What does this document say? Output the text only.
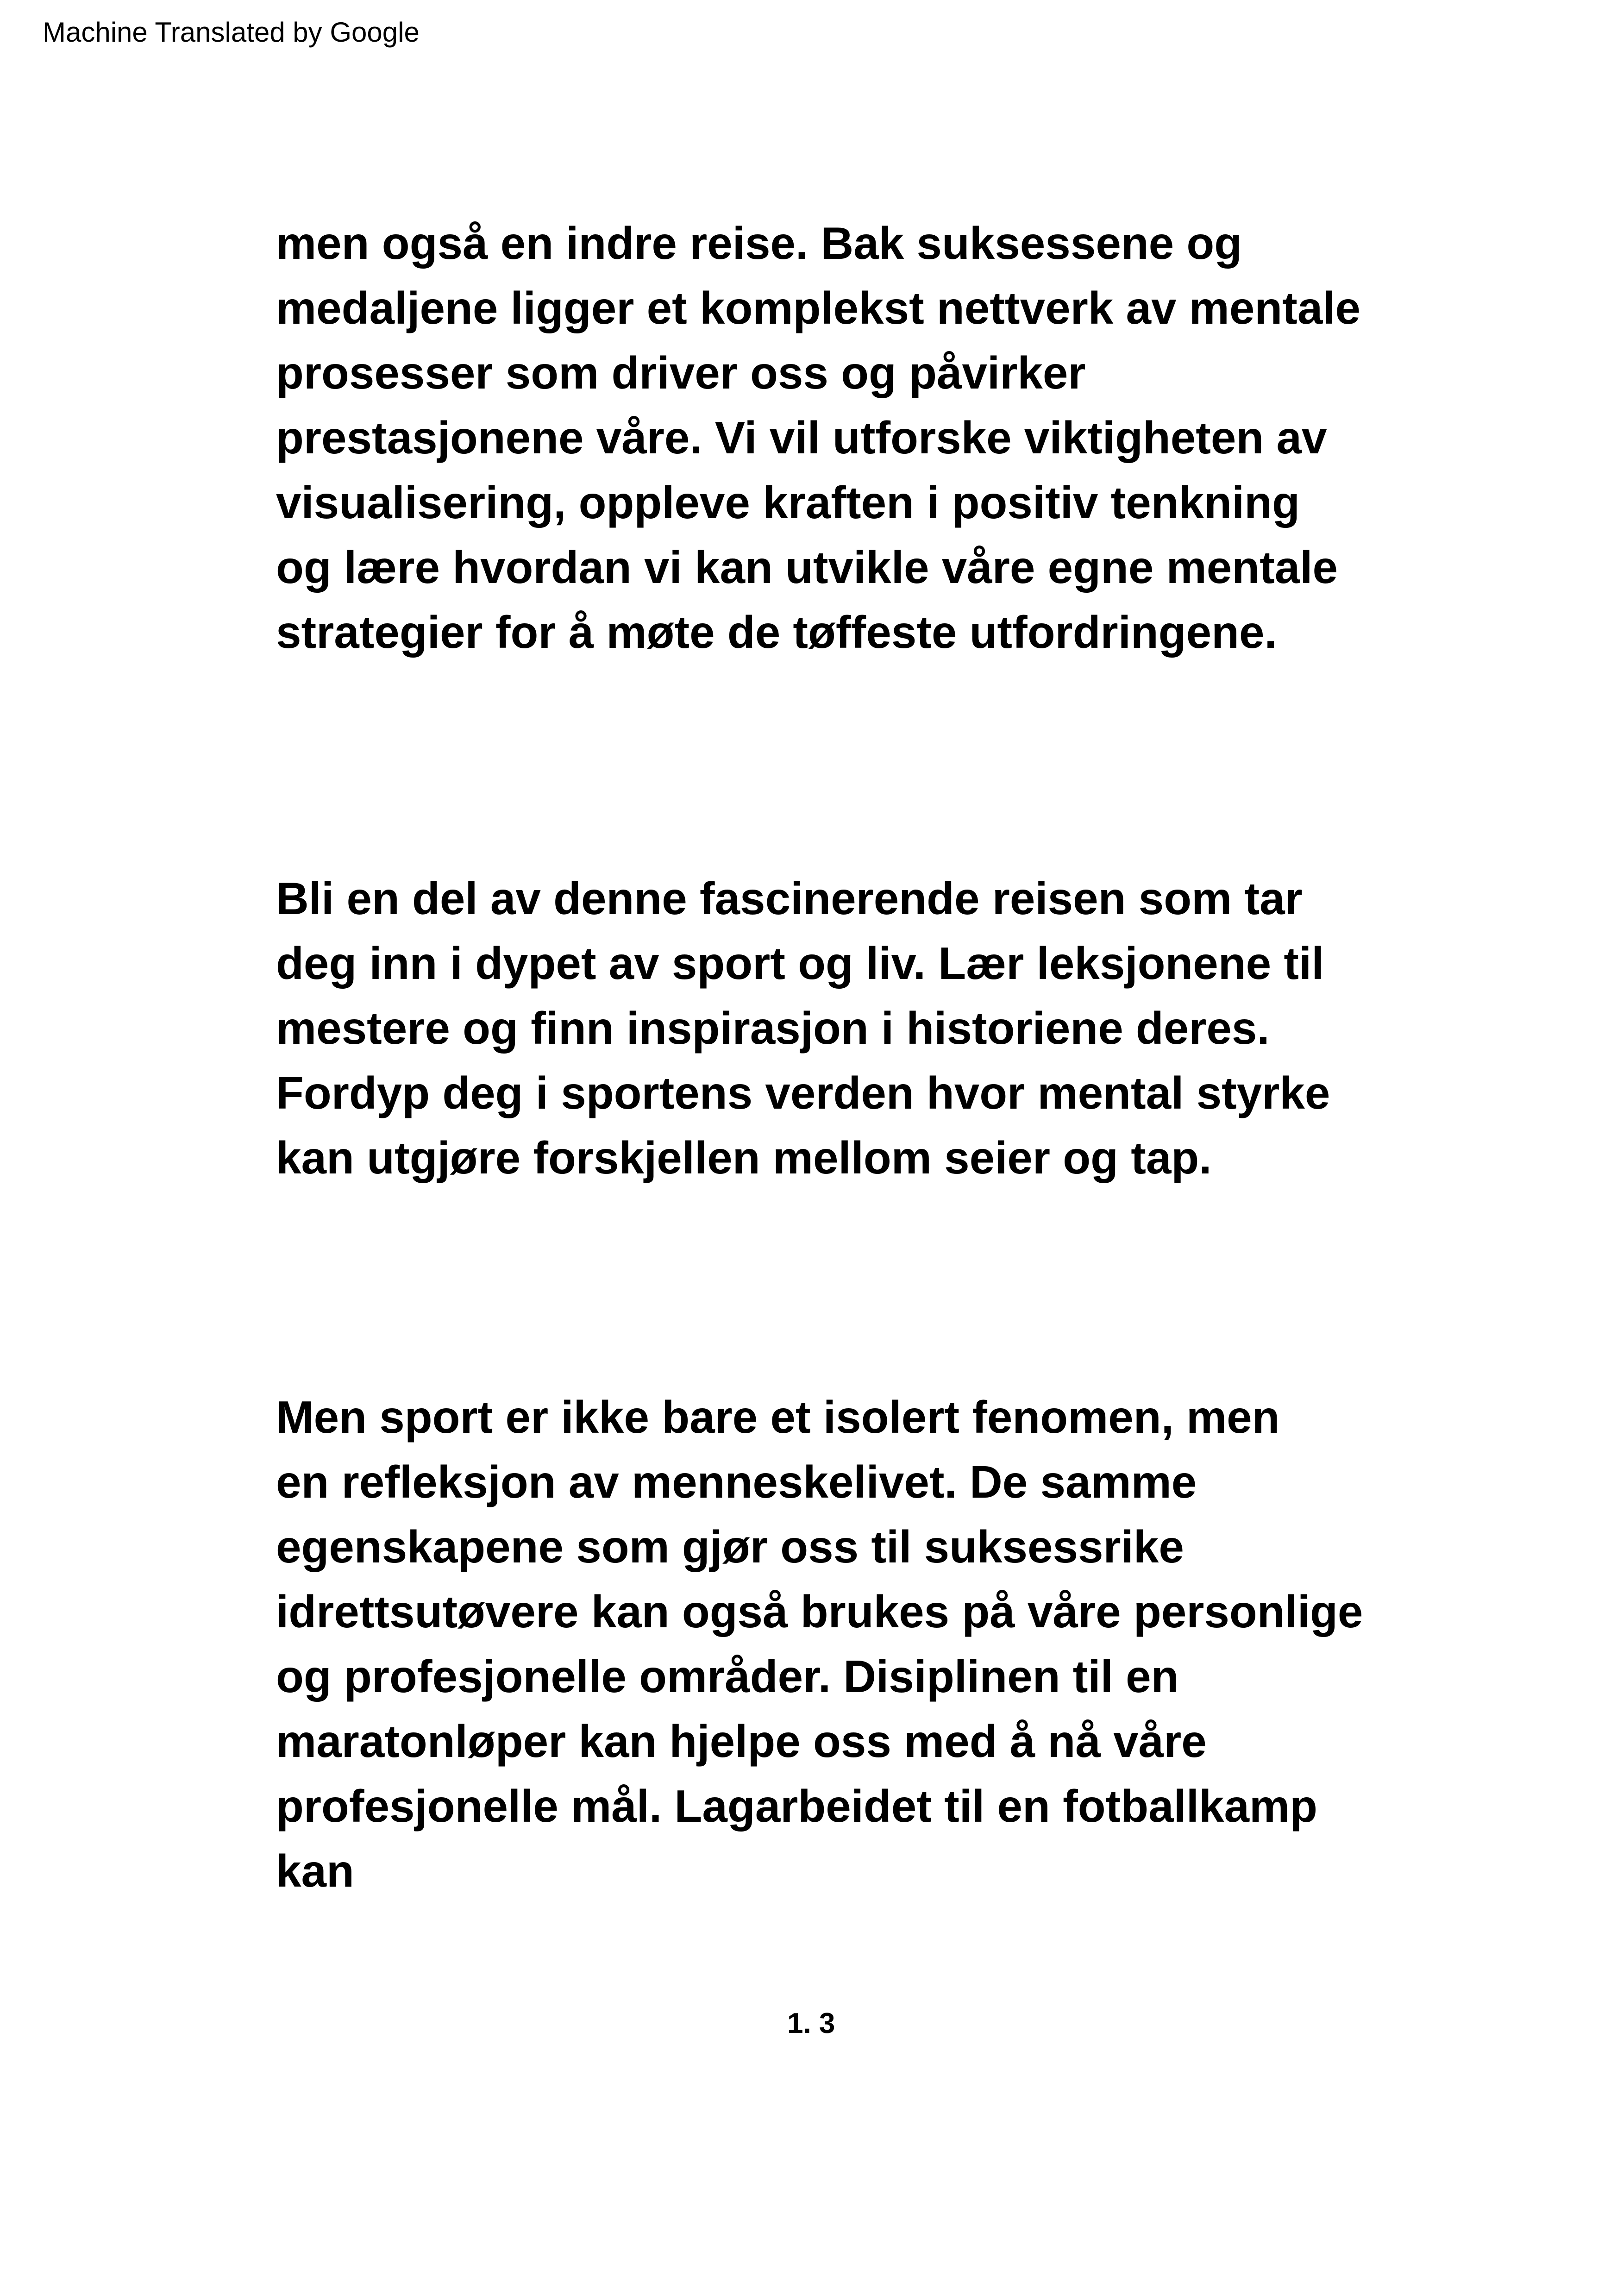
Machine Translated by Google
men også en indre reise. Bak suksessene og
medaljene ligger et komplekst nettverk av mentale
prosesser som driver oss og påvirker
prestasjonene våre. Vi vil utforske viktigheten av
visualisering, oppleve kraften i positiv tenkning
og lære hvordan vi kan utvikle våre egne mentale
strategier for å møte de tøffeste utfordringene.
Bli en del av denne fascinerende reisen som tar
deg inn i dypet av sport og liv. Lær leksjonene til
mestere og finn inspirasjon i historiene deres.
Fordyp deg i sportens verden hvor mental styrke
kan utgjøre forskjellen mellom seier og tap.
Men sport er ikke bare et isolert fenomen, men
en refleksjon av menneskelivet. De samme
egenskapene som gjør oss til suksessrike
idrettsutøvere kan også brukes på våre personlige
og profesjonelle områder. Disiplinen til en
maratonløper kan hjelpe oss med å nå våre
profesjonelle mål. Lagarbeidet til en fotballkamp
kan
1. 3
